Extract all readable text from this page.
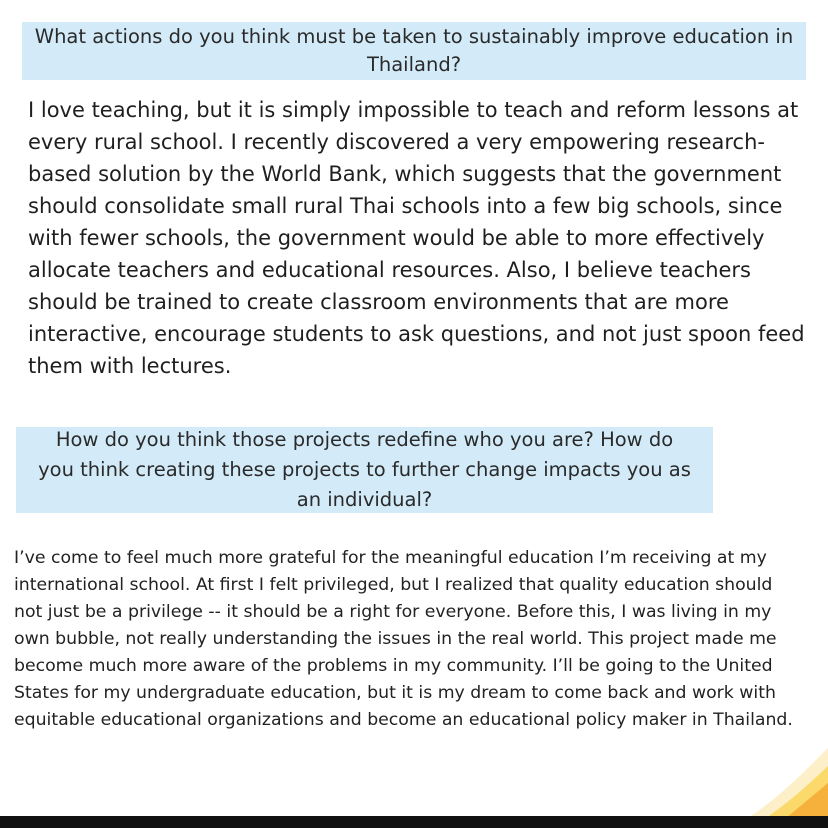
What actions do you think must be taken to sustainably improve education in Thailand?

I love teaching, but it is simply impossible to teach and reform lessons at every rural school. I recently discovered a very empowering research-based solution by the World Bank, which suggests that the government should consolidate small rural Thai schools into a few big schools, since with fewer schools, the government would be able to more effectively allocate teachers and educational resources. Also, I believe teachers should be trained to create classroom environments that are more interactive, encourage students to ask questions, and not just spoon feed them with lectures.

How do you think those projects redefine who you are? How do you think creating these projects to further change impacts you as an individual?

I’ve come to feel much more grateful for the meaningful education I’m receiving at my international school. At first I felt privileged, but I realized that quality education should not just be a privilege -- it should be a right for everyone. Before this, I was living in my own bubble, not really understanding the issues in the real world. This project made me become much more aware of the problems in my community. I’ll be going to the United States for my undergraduate education, but it is my dream to come back and work with equitable educational organizations and become an educational policy maker in Thailand.
